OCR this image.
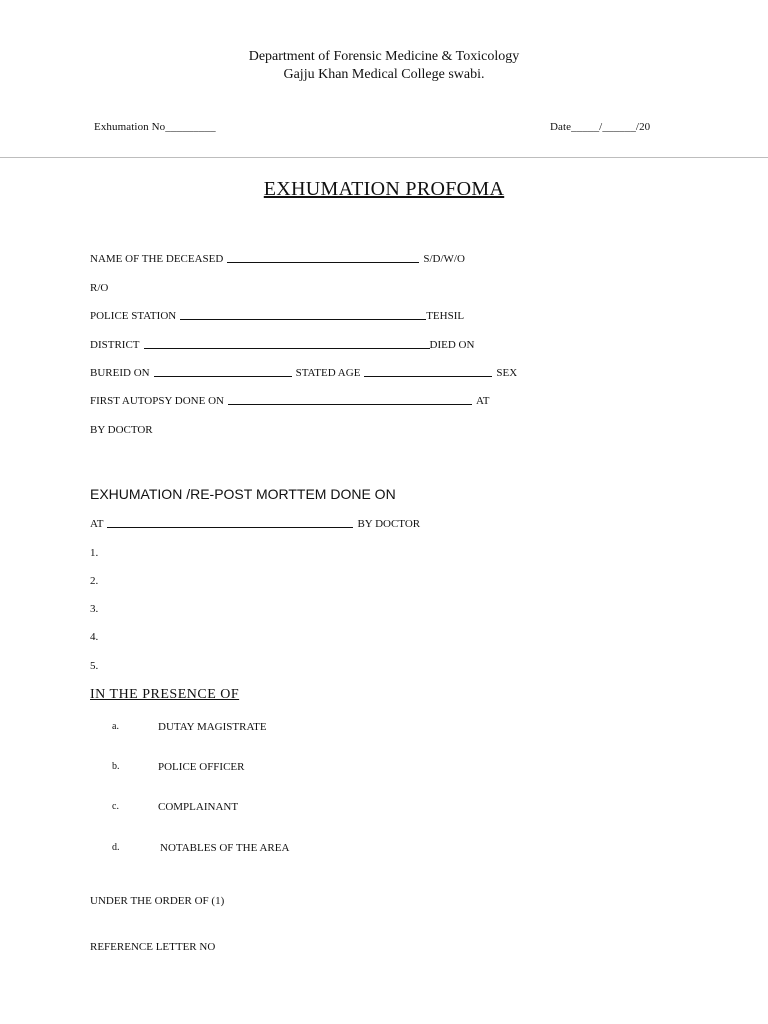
Department of Forensic Medicine & Toxicology
Gajju Khan Medical College swabi.
Exhumation No_________	Date_____/______/20
EXHUMATION PROFOMA
NAME OF THE DECEASED	S/D/W/O
R/O
POLICE STATION	TEHSIL
DISTRICT	DIED ON
BUREID ON	STATED AGE	SEX
FIRST AUTOPSY DONE ON	AT
BY DOCTOR
EXHUMATION /RE-POST MORTTEM DONE ON
AT	BY DOCTOR
1.
2.
3.
4.
5.
IN THE PRESENCE OF
a.	DUTAY MAGISTRATE
b.	POLICE OFFICER
c.	COMPLAINANT
d.	NOTABLES OF THE AREA
UNDER THE ORDER OF (1)
REFERENCE LETTER NO
